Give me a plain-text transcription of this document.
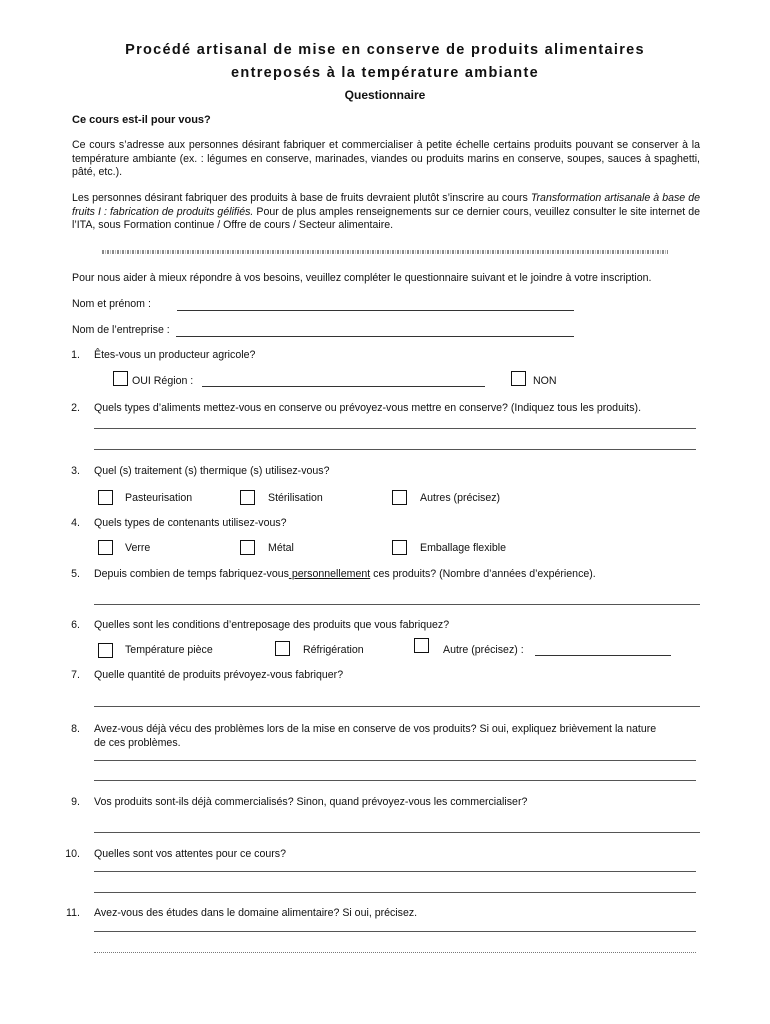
Procédé artisanal de mise en conserve de produits alimentaires
entreposés à la température ambiante
Questionnaire
Ce cours est-il pour vous?
Ce cours s’adresse aux personnes désirant fabriquer et commercialiser à petite échelle certains produits pouvant se conserver à la température ambiante (ex. : légumes en conserve, marinades, viandes ou produits marins en conserve, soupes, sauces à spaghetti, pâté, etc.).
Les personnes désirant fabriquer des produits à base de fruits devraient plutôt s’inscrire au cours Transformation artisanale à base de fruits I : fabrication de produits gélifiés. Pour de plus amples renseignements sur ce dernier cours, veuillez consulter le site internet de l’ITA, sous Formation continue / Offre de cours / Secteur alimentaire.
Pour nous aider à mieux répondre à vos besoins, veuillez compléter le questionnaire suivant et le joindre à votre inscription.
Nom et prénom :
Nom de l’entreprise :
1. Êtes-vous un producteur agricole?
OUI Région :	NON
2. Quels types d’aliments mettez-vous en conserve ou prévoyez-vous mettre en conserve? (Indiquez tous les produits).
3. Quel (s) traitement (s) thermique (s) utilisez-vous?
Pasteurisation	Stérilisation	Autres (précisez)
4. Quels types de contenants utilisez-vous?
Verre	Métal	Emballage flexible
5. Depuis combien de temps fabriquez-vous personnellement ces produits? (Nombre d’années d’expérience).
6. Quelles sont les conditions d’entreposage des produits que vous fabriquez?
Température pièce	Réfrigération	Autre (précisez) :
7. Quelle quantité de produits prévoyez-vous fabriquer?
8. Avez-vous déjà vécu des problèmes lors de la mise en conserve de vos produits? Si oui, expliquez brièvement la nature
de ces problèmes.
9. Vos produits sont-ils déjà commercialisés? Sinon, quand prévoyez-vous les commercialiser?
10. Quelles sont vos attentes pour ce cours?
11. Avez-vous des études dans le domaine alimentaire? Si oui, précisez.
